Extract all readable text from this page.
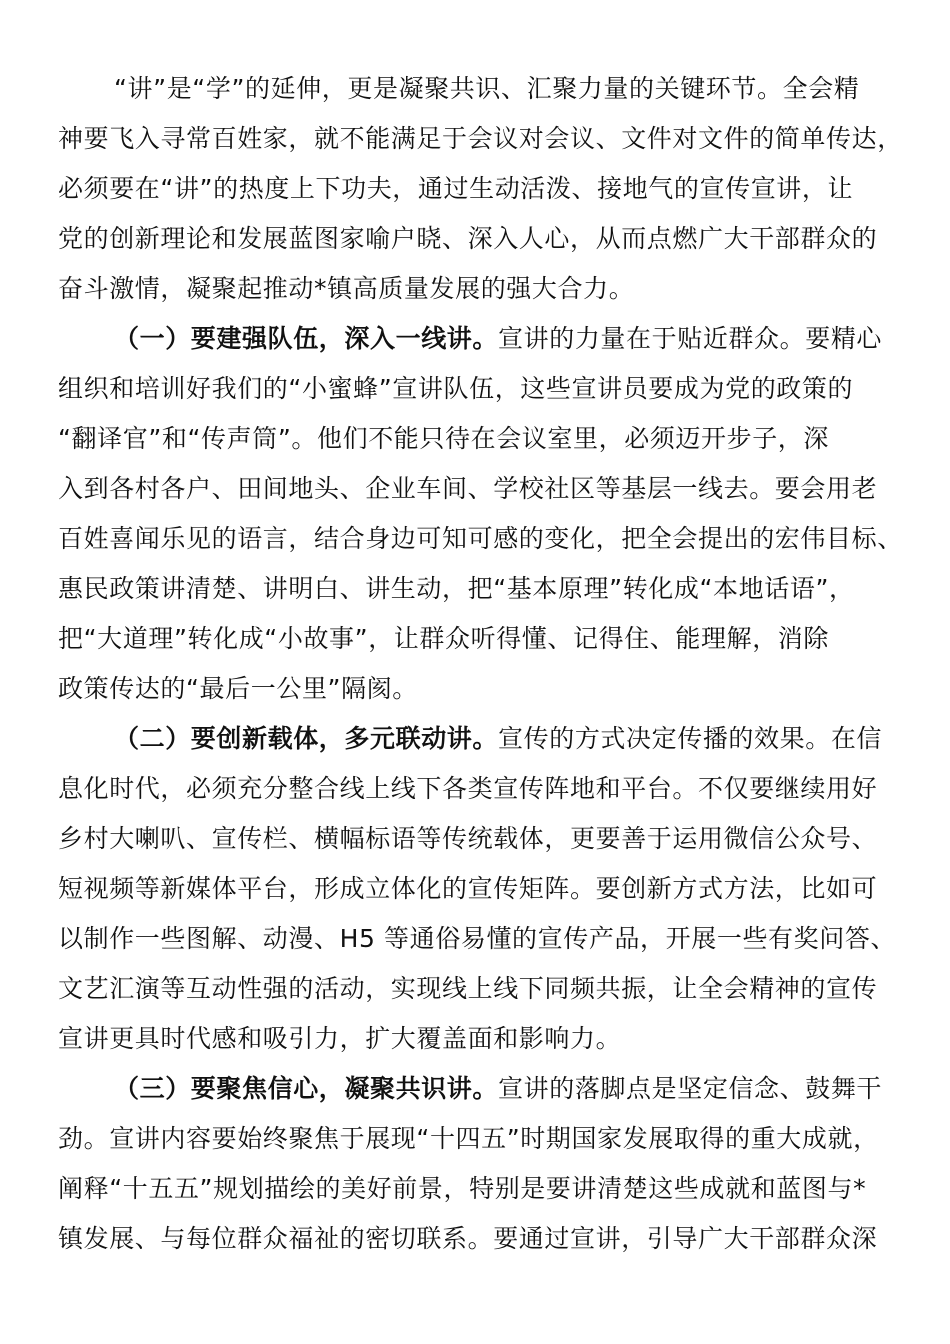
“讲”是“学”的延伸，更是凝聚共识、汇聚力量的关键环节。全会精
神要飞入寻常百姓家，就不能满足于会议对会议、文件对文件的简单传达，
必须要在“讲”的热度上下功夫，通过生动活泼、接地气的宣传宣讲，让
党的创新理论和发展蓝图家喻户晓、深入人心，从而点燃广大干部群众的
奋斗激情，凝聚起推动*镇高质量发展的强大合力。
（一）要建强队伍，深入一线讲。宣讲的力量在于贴近群众。要精心
组织和培训好我们的“小蜜蜂”宣讲队伍，这些宣讲员要成为党的政策的
“翻译官”和“传声筒”。他们不能只待在会议室里，必须迈开步子，深
入到各村各户、田间地头、企业车间、学校社区等基层一线去。要会用老
百姓喜闻乐见的语言，结合身边可知可感的变化，把全会提出的宏伟目标、
惠民政策讲清楚、讲明白、讲生动，把“基本原理”转化成“本地话语”，
把“大道理”转化成“小故事”，让群众听得懂、记得住、能理解，消除
政策传达的“最后一公里”隔阂。
（二）要创新载体，多元联动讲。宣传的方式决定传播的效果。在信
息化时代，必须充分整合线上线下各类宣传阵地和平台。不仅要继续用好
乡村大喇叭、宣传栏、横幅标语等传统载体，更要善于运用微信公众号、
短视频等新媒体平台，形成立体化的宣传矩阵。要创新方式方法，比如可
以制作一些图解、动漫、H5 等通俗易懂的宣传产品，开展一些有奖问答、
文艺汇演等互动性强的活动，实现线上线下同频共振，让全会精神的宣传
宣讲更具时代感和吸引力，扩大覆盖面和影响力。
（三）要聚焦信心，凝聚共识讲。宣讲的落脚点是坚定信念、鼓舞干
劲。宣讲内容要始终聚焦于展现“十四五”时期国家发展取得的重大成就，
阐释“十五五”规划描绘的美好前景，特别是要讲清楚这些成就和蓝图与*
镇发展、与每位群众福祉的密切联系。要通过宣讲，引导广大干部群众深
